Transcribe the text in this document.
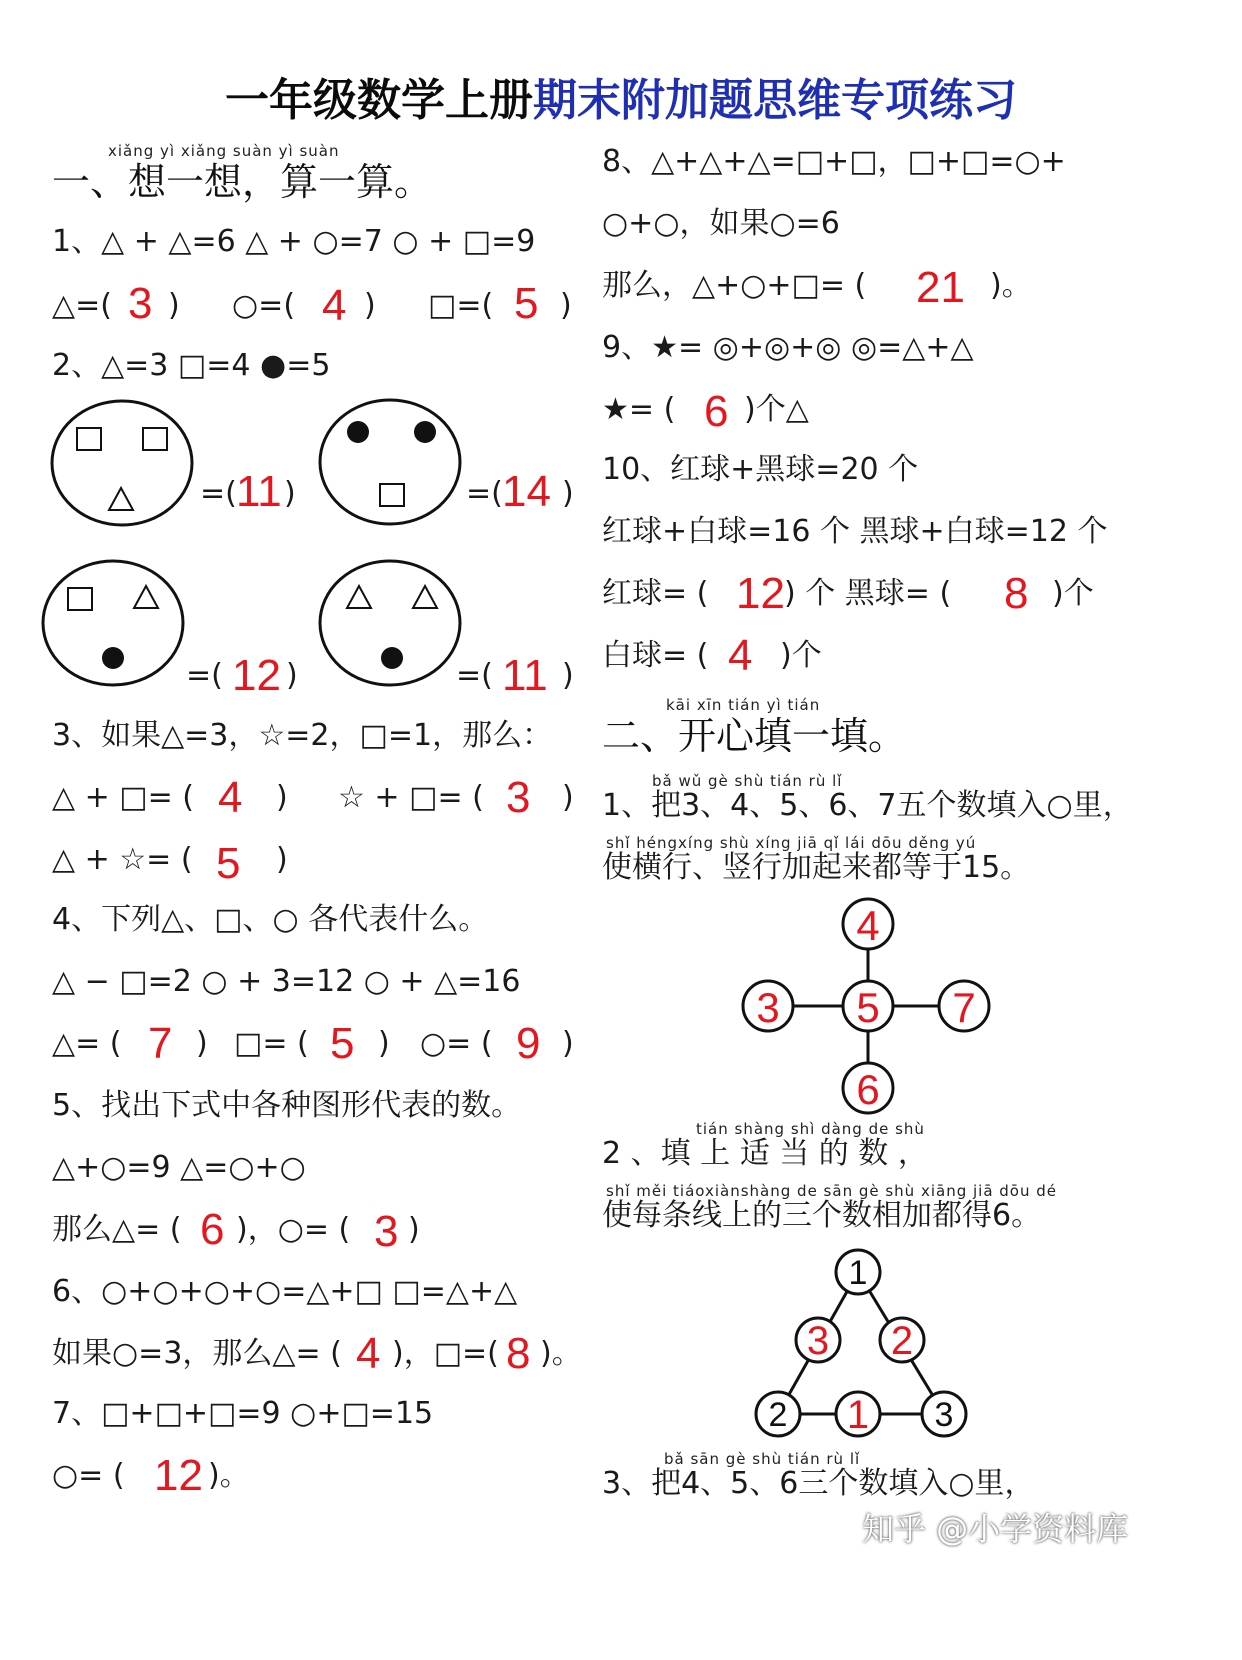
一年级数学上册期末附加题思维专项练习
xiǎng yì xiǎng suàn yì suàn
一、想一想，算一算。
1、△ + △=6 △ + ○=7 ○ + □=9
△=( 3 ) ○=( 4 ) □=( 5 )
2、△=3 □=4 ●=5
=( 11 )	=( 14 )
=( 12 )	=( 11 )
3、如果△=3，☆=2，□=1，那么：
△ + □= ( 4 ) ☆ + □= ( 3 )
△ + ☆= ( 5 )
4、下列△、□、○ 各代表什么。
△ − □=2 ○ + 3=12 ○ + △=16
△= ( 7 ) □= ( 5 ) ○= ( 9 )
5、找出下式中各种图形代表的数。
△+○=9 △=○+○
那么△= ( 6 )，○= ( 3 )
6、○+○+○+○=△+□ □=△+△
如果○=3，那么△= ( 4 )，□=( 8 )。
7、□+□+□=9 ○+□=15
○= ( 12 )。
8、△+△+△=□+□，□+□=○+
○+○，如果○=6
那么，△+○+□= ( 21 )。
9、★= ◎+◎+◎ ◎=△+△
★= ( 6 )个△
10、红球+黑球=20 个
红球+白球=16 个 黑球+白球=12 个
红球= ( 12 ) 个 黑球= ( 8 )个
白球= ( 4 )个
kāi xīn tián yì tián
二、开心填一填。
bǎ wǔ gè shù tián rù lǐ
1、把3、4、5、6、7五个数填入○里，
shǐ héngxíng shù xíng jiā qǐ lái dōu děng yú
使横行、竖行加起来都等于15。
4
3 5 7
6
tián shàng shì dàng de shù
2 、填 上 适 当 的 数 ，
shǐ měi tiáoxiànshàng de sān gè shù xiāng jiā dōu dé
使每条线上的三个数相加都得6。
1
3 2
2 1 3
bǎ sān gè shù tián rù lǐ
3、把4、5、6三个数填入○里，
知乎 @小学资料库
